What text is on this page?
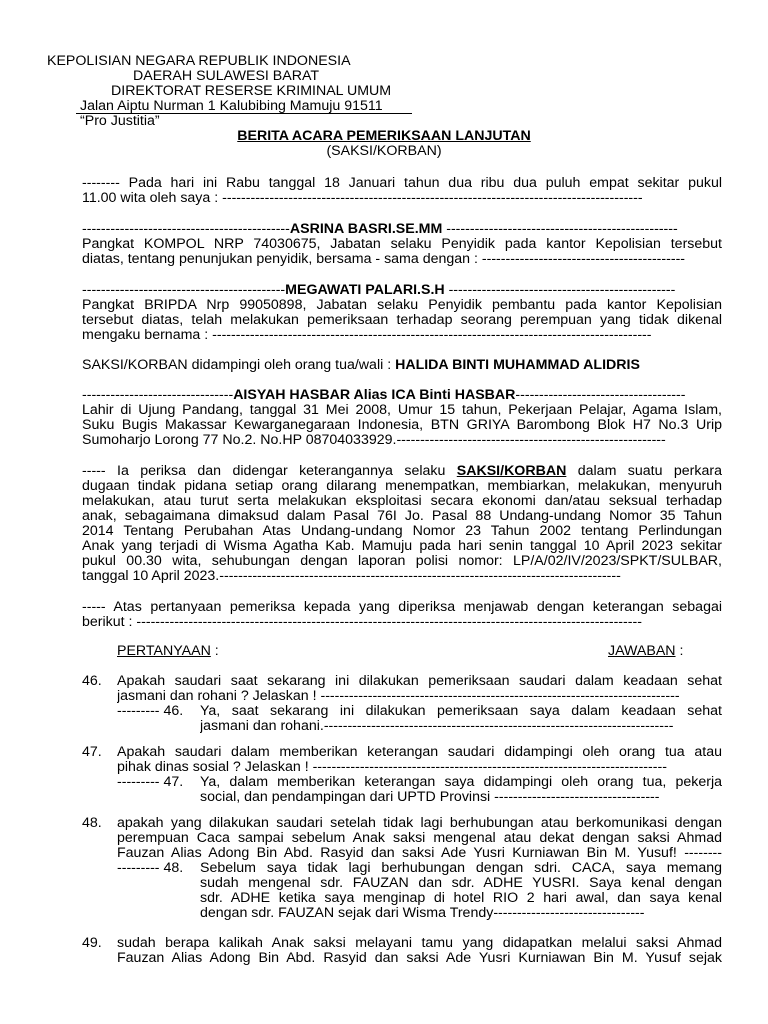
KEPOLISIAN NEGARA REPUBLIK INDONESIA
DAERAH SULAWESI BARAT
DIREKTORAT RESERSE KRIMINAL UMUM
Jalan Aiptu Nurman 1 Kalubibing Mamuju 91511
“Pro Justitia”
BERITA ACARA PEMERIKSAAN LANJUTAN
(SAKSI/KORBAN)
-------- Pada hari ini Rabu tanggal 18 Januari tahun dua ribu dua puluh empat sekitar pukul
11.00 wita oleh saya : -----------------------------------------------------------------------------------------
--------------------------------------------ASRINA BASRI.SE.MM -------------------------------------------------
Pangkat KOMPOL NRP 74030675, Jabatan selaku Penyidik pada kantor Kepolisian tersebut
diatas, tentang penunjukan penyidik, bersama - sama dengan : -------------------------------------------
-------------------------------------------MEGAWATI PALARI.S.H ------------------------------------------------
Pangkat BRIPDA Nrp 99050898, Jabatan selaku Penyidik pembantu pada kantor Kepolisian
tersebut diatas, telah melakukan pemeriksaan terhadap seorang perempuan yang tidak dikenal
mengaku bernama : ---------------------------------------------------------------------------------------------
SAKSI/KORBAN didampingi oleh orang tua/wali : HALIDA BINTI MUHAMMAD ALIDRIS
--------------------------------AISYAH HASBAR Alias ICA Binti HASBAR------------------------------------
Lahir di Ujung Pandang, tanggal 31 Mei 2008, Umur 15 tahun, Pekerjaan Pelajar, Agama Islam,
Suku Bugis Makassar Kewarganegaraan Indonesia, BTN GRIYA Barombong Blok H7 No.3 Urip
Sumoharjo Lorong 77 No.2. No.HP 08704033929.---------------------------------------------------------
----- Ia periksa dan didengar keterangannya selaku SAKSI/KORBAN dalam suatu perkara
dugaan tindak pidana setiap orang dilarang menempatkan, membiarkan, melakukan, menyuruh
melakukan, atau turut serta melakukan eksploitasi secara ekonomi dan/atau seksual terhadap
anak, sebagaimana dimaksud dalam Pasal 76I Jo. Pasal 88 Undang-undang Nomor 35 Tahun
2014 Tentang Perubahan Atas Undang-undang Nomor 23 Tahun 2002 tentang Perlindungan
Anak yang terjadi di Wisma Agatha Kab. Mamuju pada hari senin tanggal 10 April 2023 sekitar
pukul 00.30 wita, sehubungan dengan laporan polisi nomor: LP/A/02/IV/2023/SPKT/SULBAR,
tanggal 10 April 2023.-------------------------------------------------------------------------------------
----- Atas pertanyaan pemeriksa kepada yang diperiksa menjawab dengan keterangan sebagai
berikut : -----------------------------------------------------------------------------------------------------------
PERTANYAAN :	JAWABAN :
46. Apakah saudari saat sekarang ini dilakukan pemeriksaan saudari dalam keadaan sehat
jasmani dan rohani ? Jelaskan ! ----------------------------------------------------------------------------
--------- 46. Ya, saat sekarang ini dilakukan pemeriksaan saya dalam keadaan sehat
jasmani dan rohani.--------------------------------------------------------------------------
47. Apakah saudari dalam memberikan keterangan saudari didampingi oleh orang tua atau
pihak dinas sosial ? Jelaskan ! ---------------------------------------------------------------------------
--------- 47. Ya, dalam memberikan keterangan saya didampingi oleh orang tua, pekerja
social, dan pendampingan dari UPTD Provinsi -----------------------------------
48. apakah yang dilakukan saudari setelah tidak lagi berhubungan atau berkomunikasi dengan
perempuan Caca sampai sebelum Anak saksi mengenal atau dekat dengan saksi Ahmad
Fauzan Alias Adong Bin Abd. Rasyid dan saksi Ade Yusri Kurniawan Bin M. Yusuf! --------
--------- 48. Sebelum saya tidak lagi berhubungan dengan sdri. CACA, saya memang
sudah mengenal sdr. FAUZAN dan sdr. ADHE YUSRI. Saya kenal dengan
sdr. ADHE ketika saya menginap di hotel RIO 2 hari awal, dan saya kenal
dengan sdr. FAUZAN sejak dari Wisma Trendy--------------------------------
49. sudah berapa kalikah Anak saksi melayani tamu yang didapatkan melalui saksi Ahmad
Fauzan Alias Adong Bin Abd. Rasyid dan saksi Ade Yusri Kurniawan Bin M. Yusuf sejak
